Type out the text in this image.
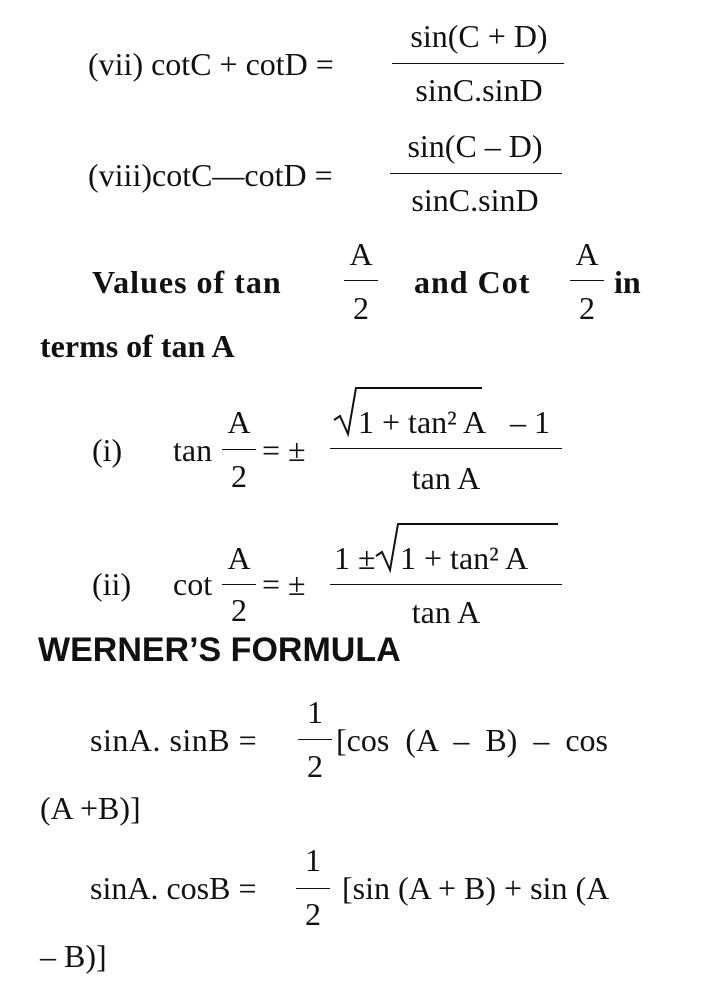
(vii) cotC + cotD =
sin(C + D)
sinC.sinD
(viii)cotC—cotD =
sin(C – D)
sinC.sinD
Values of tan
A
2
and Cot
A
2
in
terms of tan A
(i) tan
A
2
= ±
1 + tan² A – 1
tan A
(ii) cot
A
2
= ±
1 ± 1 + tan² A
tan A
WERNER’S FORMULA
sinA. sinB =
1
2
[cos (A – B) – cos
(A +B)]
sinA. cosB =
1
2
[sin (A + B) + sin (A
– B)]
